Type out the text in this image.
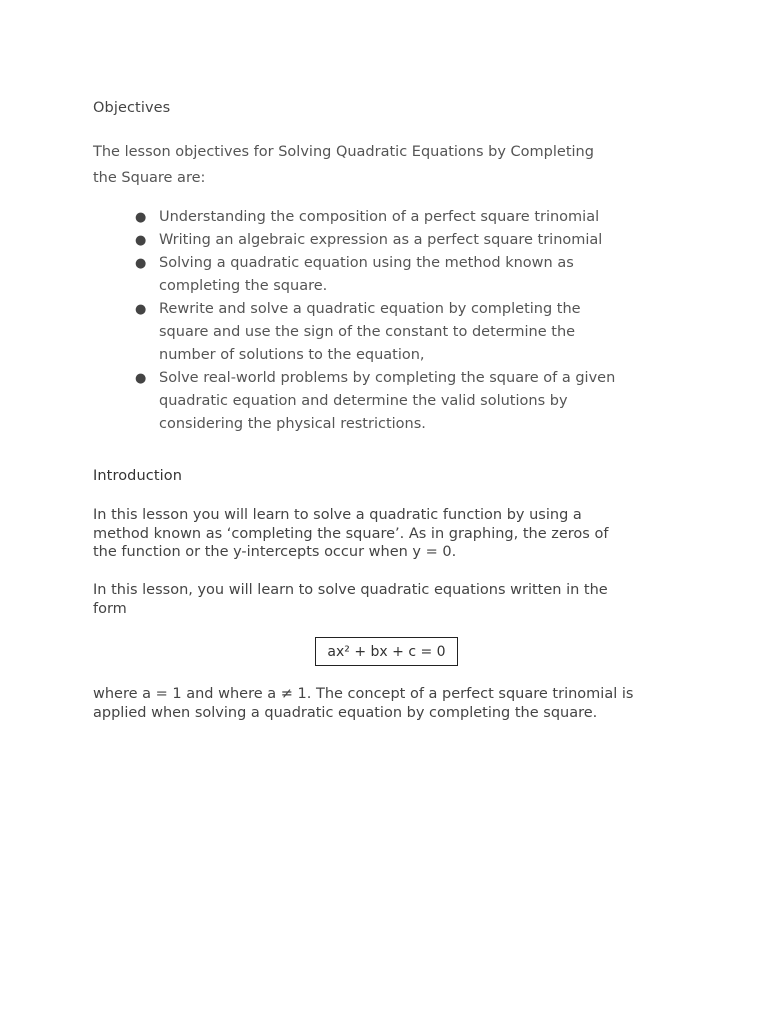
Objectives

The lesson objectives for Solving Quadratic Equations by Completing
the Square are:

● Understanding the composition of a perfect square trinomial
● Writing an algebraic expression as a perfect square trinomial
● Solving a quadratic equation using the method known as
completing the square.
● Rewrite and solve a quadratic equation by completing the
square and use the sign of the constant to determine the
number of solutions to the equation,
● Solve real-world problems by completing the square of a given
quadratic equation and determine the valid solutions by
considering the physical restrictions.
Introduction

In this lesson you will learn to solve a quadratic function by using a
method known as ‘completing the square’. As in graphing, the zeros of
the function or the y-intercepts occur when y = 0.

In this lesson, you will learn to solve quadratic equations written in the
form

ax² + bx + c = 0

where a = 1 and where a ≠ 1. The concept of a perfect square trinomial is
applied when solving a quadratic equation by completing the square.
